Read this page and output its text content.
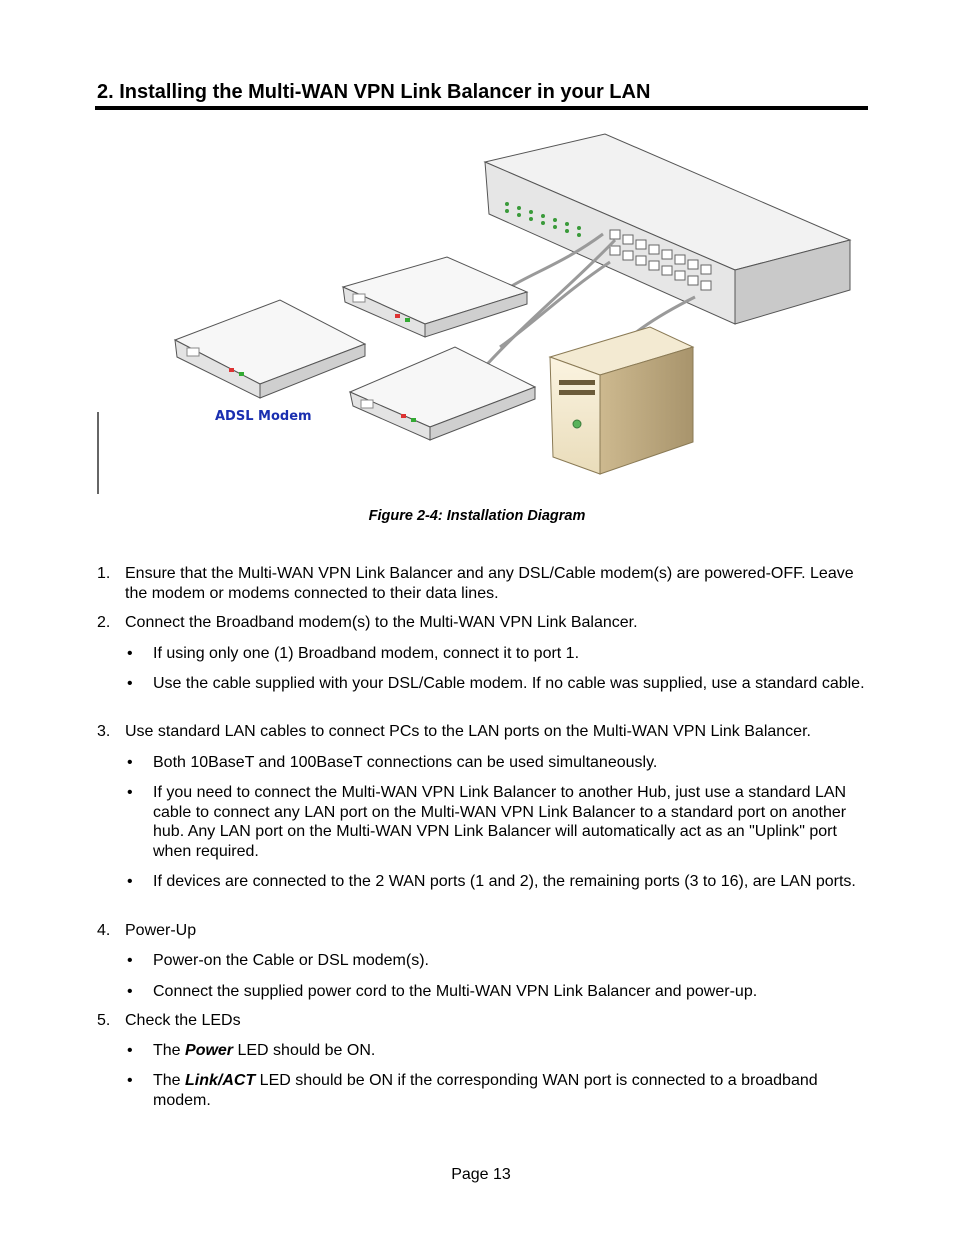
2. Installing the Multi-WAN VPN Link Balancer in your LAN
ADSL Modem
Figure 2-4: Installation Diagram
1. Ensure that the Multi-WAN VPN Link Balancer and any DSL/Cable modem(s) are powered-OFF. Leave the modem or modems connected to their data lines.
2. Connect the Broadband modem(s) to the Multi-WAN VPN Link Balancer.
• If using only one (1) Broadband modem, connect it to port 1.
• Use the cable supplied with your DSL/Cable modem. If no cable was supplied, use a standard cable.
3. Use standard LAN cables to connect PCs to the LAN ports on the Multi-WAN VPN Link Balancer.
• Both 10BaseT and 100BaseT connections can be used simultaneously.
• If you need to connect the Multi-WAN VPN Link Balancer to another Hub, just use a standard LAN cable to connect any LAN port on the Multi-WAN VPN Link Balancer to a standard port on another hub. Any LAN port on the Multi-WAN VPN Link Balancer will automatically act as an "Uplink" port when required.
• If devices are connected to the 2 WAN ports (1 and 2), the remaining ports (3 to 16), are LAN ports.
4. Power-Up
• Power-on the Cable or DSL modem(s).
• Connect the supplied power cord to the Multi-WAN VPN Link Balancer and power-up.
5. Check the LEDs
• The Power LED should be ON.
• The Link/ACT LED should be ON if the corresponding WAN port is connected to a broadband modem.
Page 13
